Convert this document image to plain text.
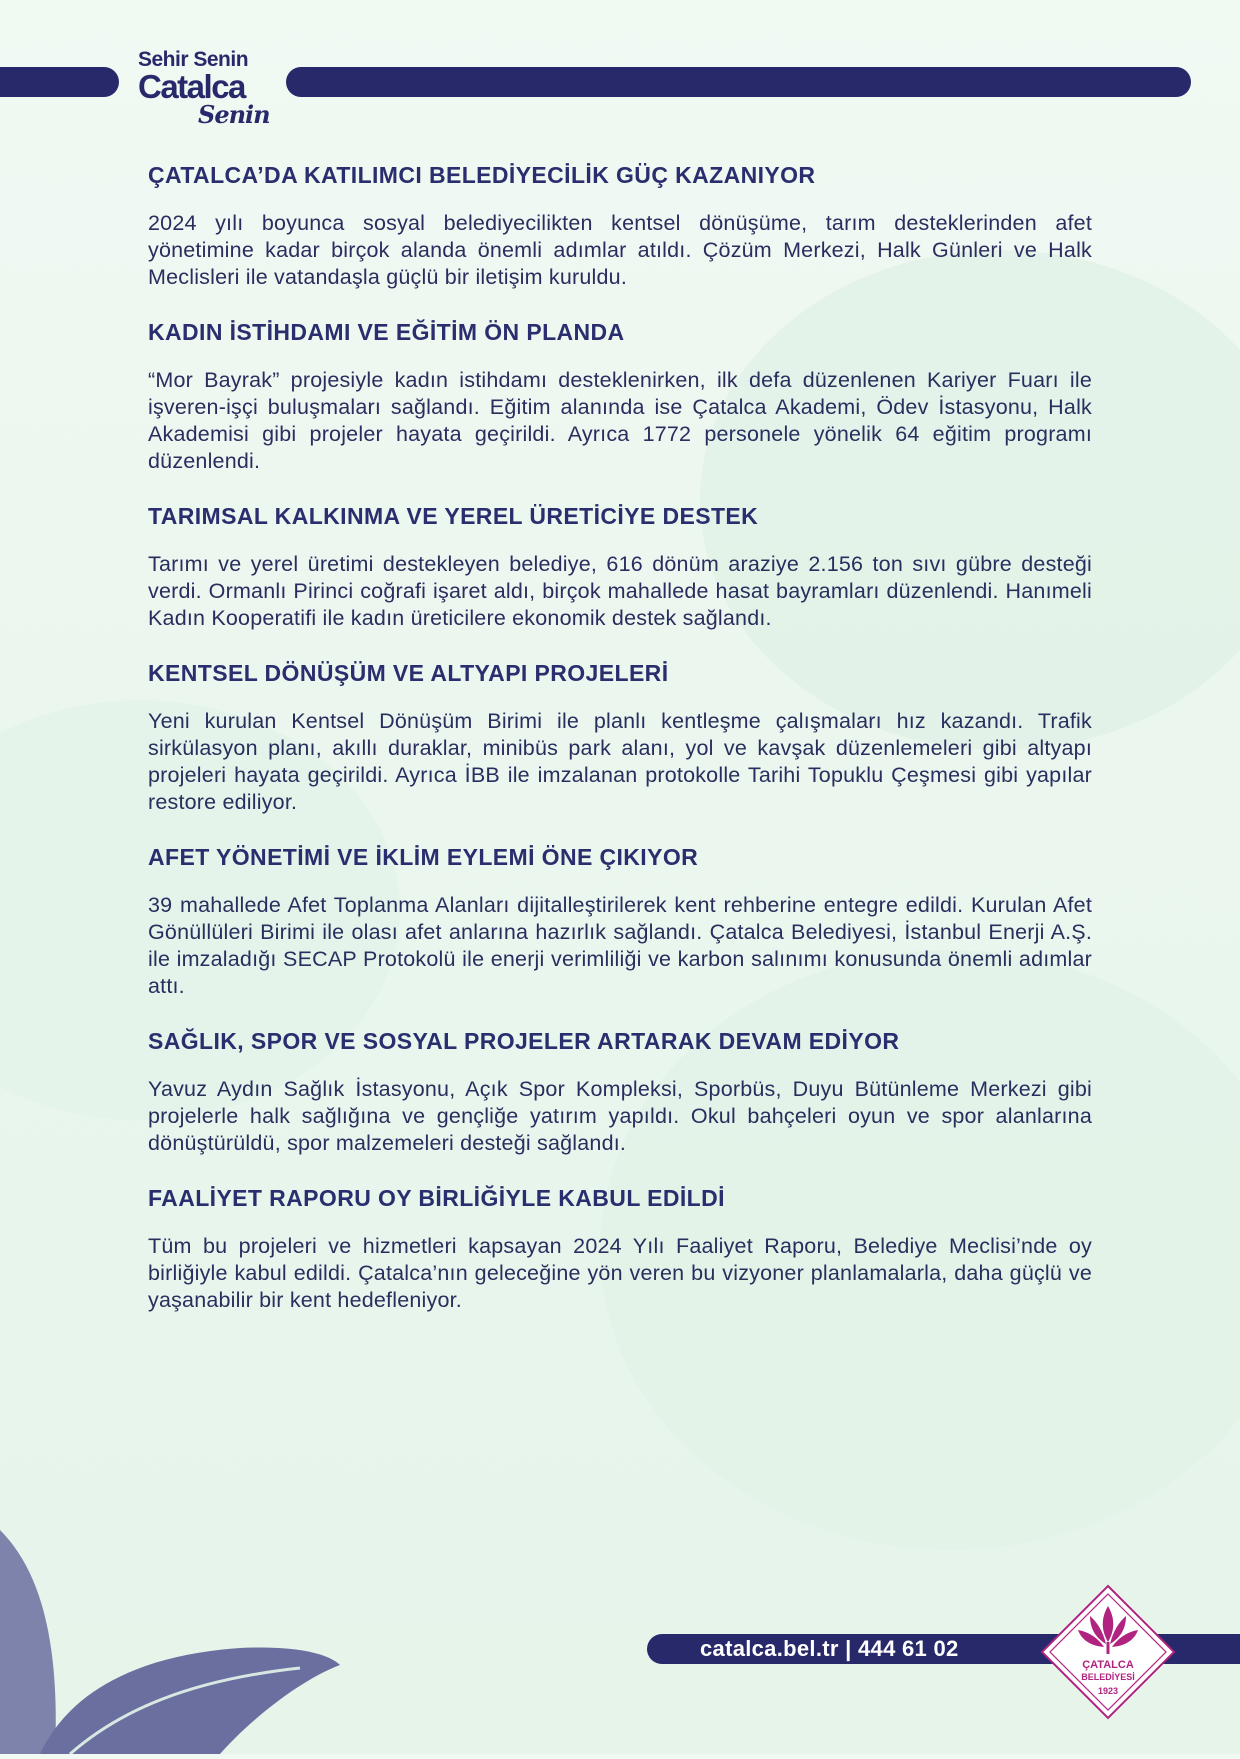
Sehir Senin
Catalca
Senin
ÇATALCA’DA KATILIMCI BELEDİYECİLİK GÜÇ KAZANIYOR

2024 yılı boyunca sosyal belediyecilikten kentsel dönüşüme, tarım desteklerinden afet yönetimine kadar birçok alanda önemli adımlar atıldı. Çözüm Merkezi, Halk Günleri ve Halk Meclisleri ile vatandaşla güçlü bir iletişim kuruldu.

KADIN İSTİHDAMI VE EĞİTİM ÖN PLANDA

“Mor Bayrak” projesiyle kadın istihdamı desteklenirken, ilk defa düzenlenen Kariyer Fuarı ile işveren-işçi buluşmaları sağlandı. Eğitim alanında ise Çatalca Akademi, Ödev İstasyonu, Halk Akademisi gibi projeler hayata geçirildi. Ayrıca 1772 personele yönelik 64 eğitim programı düzenlendi.

TARIMSAL KALKINMA VE YEREL ÜRETİCİYE DESTEK

Tarımı ve yerel üretimi destekleyen belediye, 616 dönüm araziye 2.156 ton sıvı gübre desteği verdi. Ormanlı Pirinci coğrafi işaret aldı, birçok mahallede hasat bayramları düzenlendi. Hanımeli Kadın Kooperatifi ile kadın üreticilere ekonomik destek sağlandı.

KENTSEL DÖNÜŞÜM VE ALTYAPI PROJELERİ

Yeni kurulan Kentsel Dönüşüm Birimi ile planlı kentleşme çalışmaları hız kazandı. Trafik sirkülasyon planı, akıllı duraklar, minibüs park alanı, yol ve kavşak düzenlemeleri gibi altyapı projeleri hayata geçirildi. Ayrıca İBB ile imzalanan protokolle Tarihi Topuklu Çeşmesi gibi yapılar restore ediliyor.

AFET YÖNETİMİ VE İKLİM EYLEMİ ÖNE ÇIKIYOR

39 mahallede Afet Toplanma Alanları dijitalleştirilerek kent rehberine entegre edildi. Kurulan Afet Gönüllüleri Birimi ile olası afet anlarına hazırlık sağlandı. Çatalca Belediyesi, İstanbul Enerji A.Ş. ile imzaladığı SECAP Protokolü ile enerji verimliliği ve karbon salınımı konusunda önemli adımlar attı.

SAĞLIK, SPOR VE SOSYAL PROJELER ARTARAK DEVAM EDİYOR

Yavuz Aydın Sağlık İstasyonu, Açık Spor Kompleksi, Sporbüs, Duyu Bütünleme Merkezi gibi projelerle halk sağlığına ve gençliğe yatırım yapıldı. Okul bahçeleri oyun ve spor alanlarına dönüştürüldü, spor malzemeleri desteği sağlandı.

FAALİYET RAPORU OY BİRLİĞİYLE KABUL EDİLDİ

Tüm bu projeleri ve hizmetleri kapsayan 2024 Yılı Faaliyet Raporu, Belediye Meclisi’nde oy birliğiyle kabul edildi. Çatalca’nın geleceğine yön veren bu vizyoner planlamalarla, daha güçlü ve yaşanabilir bir kent hedefleniyor.

catalca.bel.tr | 444 61 02
ÇATALCA
BELEDİYESİ
1923
